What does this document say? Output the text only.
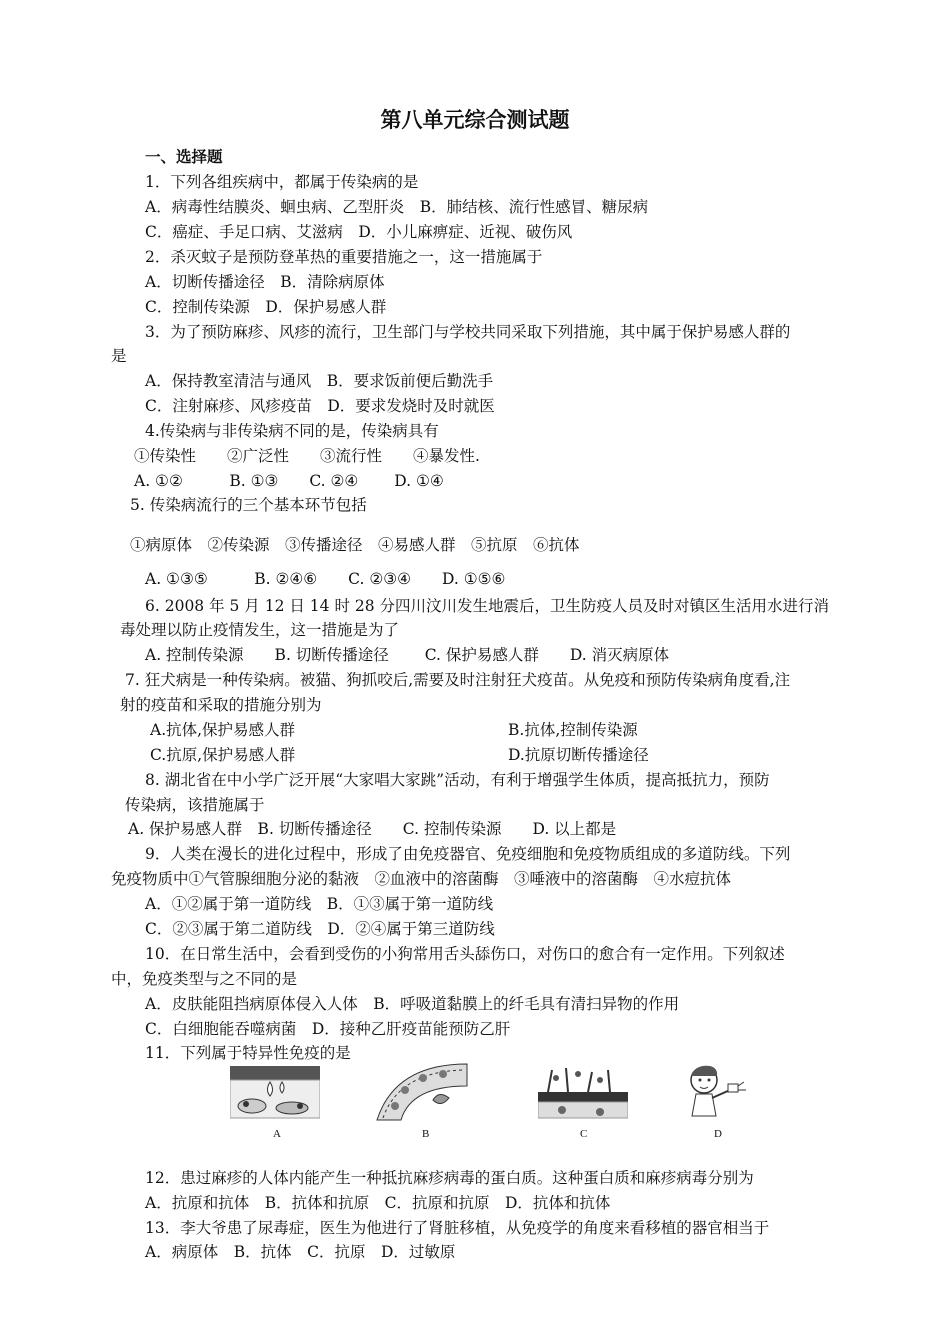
第八单元综合测试题
一、选择题
1．下列各组疾病中，都属于传染病的是
A．病毒性结膜炎、蛔虫病、乙型肝炎　B．肺结核、流行性感冒、糖尿病
C．癌症、手足口病、艾滋病　D．小儿麻痹症、近视、破伤风
2．杀灭蚊子是预防登革热的重要措施之一，这一措施属于
A．切断传播途径　B．清除病原体
C．控制传染源　D．保护易感人群
3．为了预防麻疹、风疹的流行，卫生部门与学校共同采取下列措施，其中属于保护易感人群的
是
A．保持教室清洁与通风　B．要求饭前便后勤洗手
C．注射麻疹、风疹疫苗　D．要求发烧时及时就医
4.传染病与非传染病不同的是，传染病具有
①传染性　　②广泛性　　③流行性　　④暴发性.
A. ①②　　　B. ①③　　C. ②④　　 D. ①④
5. 传染病流行的三个基本环节包括
①病原体　②传染源　③传播途径　④易感人群　⑤抗原　⑥抗体
A. ①③⑤　　　B. ②④⑥　　C. ②③④　　D. ①⑤⑥
6. 2008 年 5 月 12 日 14 时 28 分四川汶川发生地震后，卫生防疫人员及时对镇区生活用水进行消
毒处理以防止疫情发生，这一措施是为了
A. 控制传染源　　B. 切断传播途径　　 C. 保护易感人群　　D. 消灭病原体
7. 狂犬病是一种传染病。被猫、狗抓咬后,需要及时注射狂犬疫苗。从免疫和预防传染病角度看,注
射的疫苗和采取的措施分别为
A.抗体,保护易感人群	B.抗体,控制传染源
C.抗原,保护易感人群	D.抗原切断传播途径
8. 湖北省在中小学广泛开展“大家唱大家跳”活动，有利于增强学生体质，提高抵抗力，预防
传染病，该措施属于
A. 保护易感人群　B. 切断传播途径　　C. 控制传染源　　D. 以上都是
9．人类在漫长的进化过程中，形成了由免疫器官、免疫细胞和免疫物质组成的多道防线。下列
免疫物质中①气管腺细胞分泌的黏液　②血液中的溶菌酶　③唾液中的溶菌酶　④水痘抗体
A．①②属于第一道防线　B．①③属于第一道防线
C．②③属于第二道防线　D．②④属于第三道防线
10．在日常生活中，会看到受伤的小狗常用舌头舔伤口，对伤口的愈合有一定作用。下列叙述
中，免疫类型与之不同的是
A．皮肤能阻挡病原体侵入人体　B．呼吸道黏膜上的纤毛具有清扫异物的作用
C．白细胞能吞噬病菌　D．接种乙肝疫苗能预防乙肝
11．下列属于特异性免疫的是
A	B	C	D
12．患过麻疹的人体内能产生一种抵抗麻疹病毒的蛋白质。这种蛋白质和麻疹病毒分别为
A．抗原和抗体　B．抗体和抗原　C．抗原和抗原　D．抗体和抗体
13．李大爷患了尿毒症，医生为他进行了肾脏移植，从免疫学的角度来看移植的器官相当于
A．病原体　B．抗体　C．抗原　D．过敏原
